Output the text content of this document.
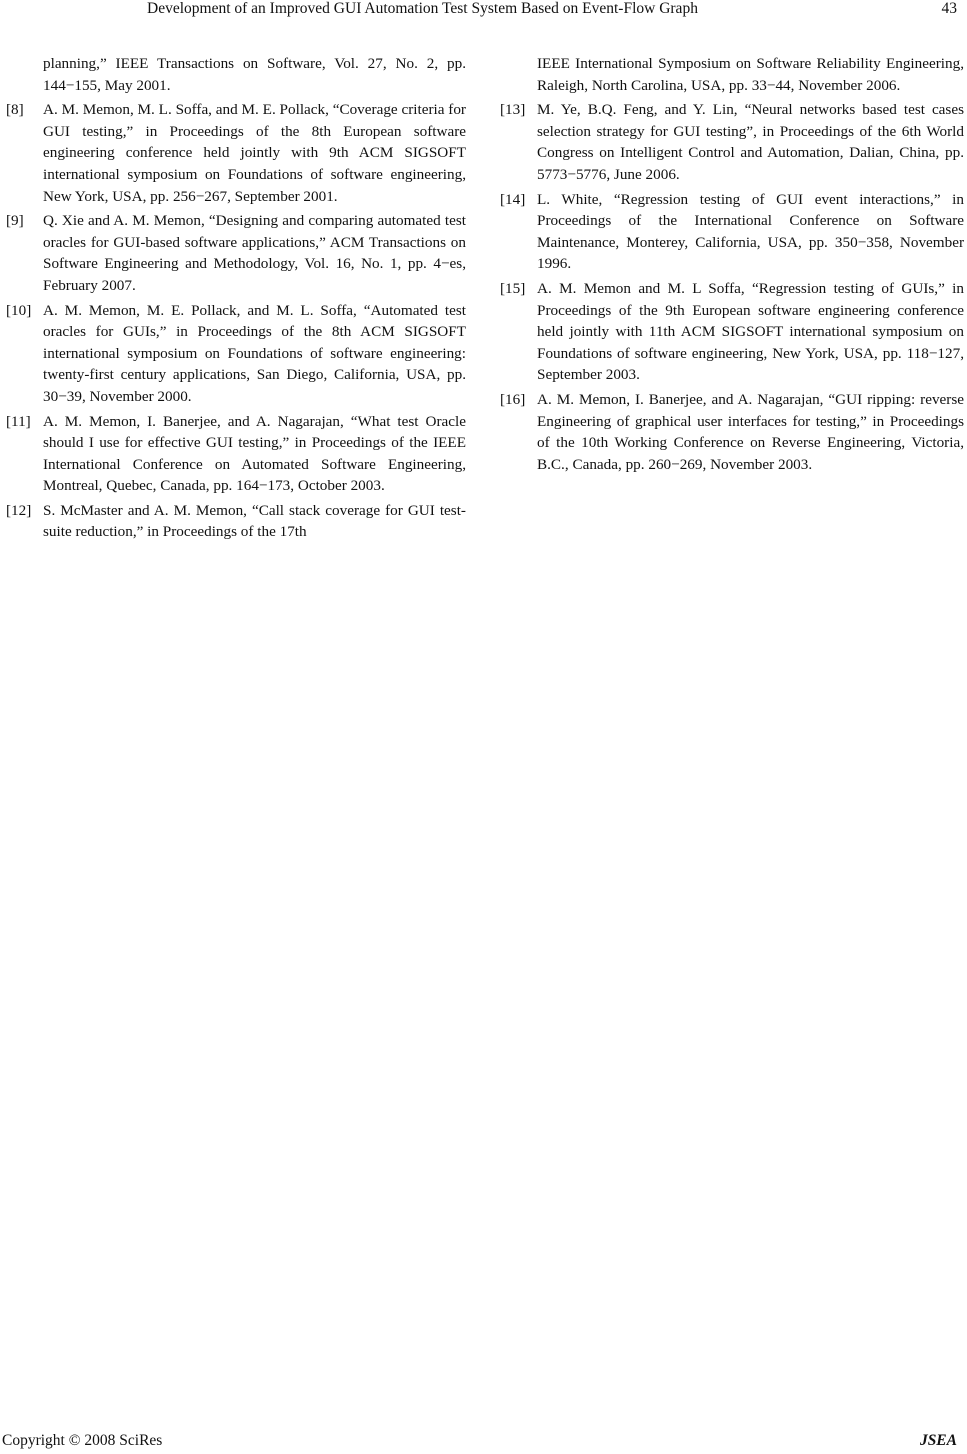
Development of an Improved GUI Automation Test System Based on Event-Flow Graph	43
planning,” IEEE Transactions on Software, Vol. 27, No. 2, pp. 144−155, May 2001.
[8] A. M. Memon, M. L. Soffa, and M. E. Pollack, “Coverage criteria for GUI testing,” in Proceedings of the 8th European software engineering conference held jointly with 9th ACM SIGSOFT international symposium on Foundations of software engineering, New York, USA, pp. 256−267, September 2001.
[9] Q. Xie and A. M. Memon, “Designing and comparing automated test oracles for GUI-based software applications,” ACM Transactions on Software Engineering and Methodology, Vol. 16, No. 1, pp. 4−es, February 2007.
[10] A. M. Memon, M. E. Pollack, and M. L. Soffa, “Automated test oracles for GUIs,” in Proceedings of the 8th ACM SIGSOFT international symposium on Foundations of software engineering: twenty-first century applications, San Diego, California, USA, pp. 30−39, November 2000.
[11] A. M. Memon, I. Banerjee, and A. Nagarajan, “What test Oracle should I use for effective GUI testing,” in Proceedings of the IEEE International Conference on Automated Software Engineering, Montreal, Quebec, Canada, pp. 164−173, October 2003.
[12] S. McMaster and A. M. Memon, “Call stack coverage for GUI test-suite reduction,” in Proceedings of the 17th
IEEE International Symposium on Software Reliability Engineering, Raleigh, North Carolina, USA, pp. 33−44, November 2006.
[13] M. Ye, B.Q. Feng, and Y. Lin, “Neural networks based test cases selection strategy for GUI testing”, in Proceedings of the 6th World Congress on Intelligent Control and Automation, Dalian, China, pp. 5773−5776, June 2006.
[14] L. White, “Regression testing of GUI event interactions,” in Proceedings of the International Conference on Software Maintenance, Monterey, California, USA, pp. 350−358, November 1996.
[15] A. M. Memon and M. L Soffa, “Regression testing of GUIs,” in Proceedings of the 9th European software engineering conference held jointly with 11th ACM SIGSOFT international symposium on Foundations of software engineering, New York, USA, pp. 118−127, September 2003.
[16] A. M. Memon, I. Banerjee, and A. Nagarajan, “GUI ripping: reverse Engineering of graphical user interfaces for testing,” in Proceedings of the 10th Working Conference on Reverse Engineering, Victoria, B.C., Canada, pp. 260−269, November 2003.
Copyright © 2008 SciRes	JSEA
